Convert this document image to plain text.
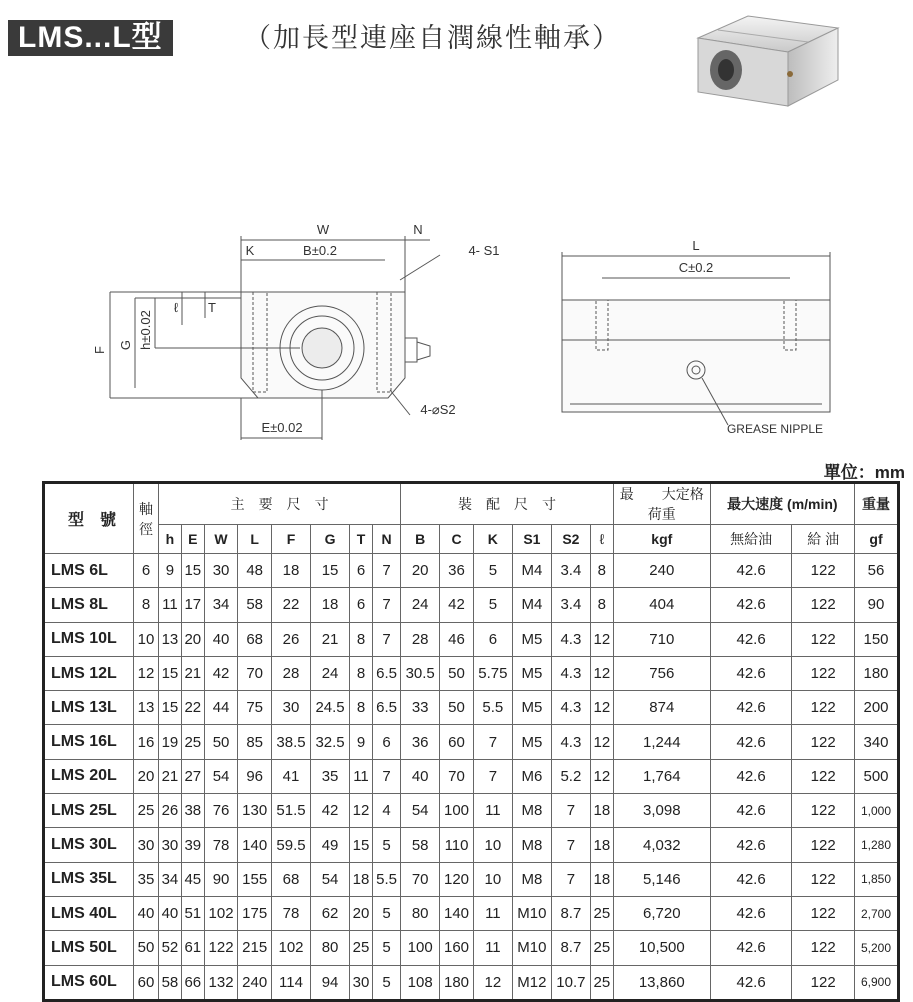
LMS...L型	（加長型連座自潤線性軸承）
W	N
K	B±0.2	4- S1
ℓ T
h±0.02
G
F
4-⌀S2
E±0.02
L
C±0.2
GREASE NIPPLE
單位：mm
型　號	軸徑	主　要　尺　寸								裝　配　尺　寸						最　　大定格荷重	最大速度 (m/min)		重量
		h	E	W	L	F	G	T	N	B	C	K	S1	S2	ℓ	kgf	無給油	給 油	gf
LMS 6L	6	9	15	30	48	18	15	6	7	20	36	5	M4	3.4	8	240	42.6	122	56
LMS 8L	8	11	17	34	58	22	18	6	7	24	42	5	M4	3.4	8	404	42.6	122	90
LMS 10L	10	13	20	40	68	26	21	8	7	28	46	6	M5	4.3	12	710	42.6	122	150
LMS 12L	12	15	21	42	70	28	24	8	6.5	30.5	50	5.75	M5	4.3	12	756	42.6	122	180
LMS 13L	13	15	22	44	75	30	24.5	8	6.5	33	50	5.5	M5	4.3	12	874	42.6	122	200
LMS 16L	16	19	25	50	85	38.5	32.5	9	6	36	60	7	M5	4.3	12	1,244	42.6	122	340
LMS 20L	20	21	27	54	96	41	35	11	7	40	70	7	M6	5.2	12	1,764	42.6	122	500
LMS 25L	25	26	38	76	130	51.5	42	12	4	54	100	11	M8	7	18	3,098	42.6	122	1,000
LMS 30L	30	30	39	78	140	59.5	49	15	5	58	110	10	M8	7	18	4,032	42.6	122	1,280
LMS 35L	35	34	45	90	155	68	54	18	5.5	70	120	10	M8	7	18	5,146	42.6	122	1,850
LMS 40L	40	40	51	102	175	78	62	20	5	80	140	11	M10	8.7	25	6,720	42.6	122	2,700
LMS 50L	50	52	61	122	215	102	80	25	5	100	160	11	M10	8.7	25	10,500	42.6	122	5,200
LMS 60L	60	58	66	132	240	114	94	30	5	108	180	12	M12	10.7	25	13,860	42.6	122	6,900
